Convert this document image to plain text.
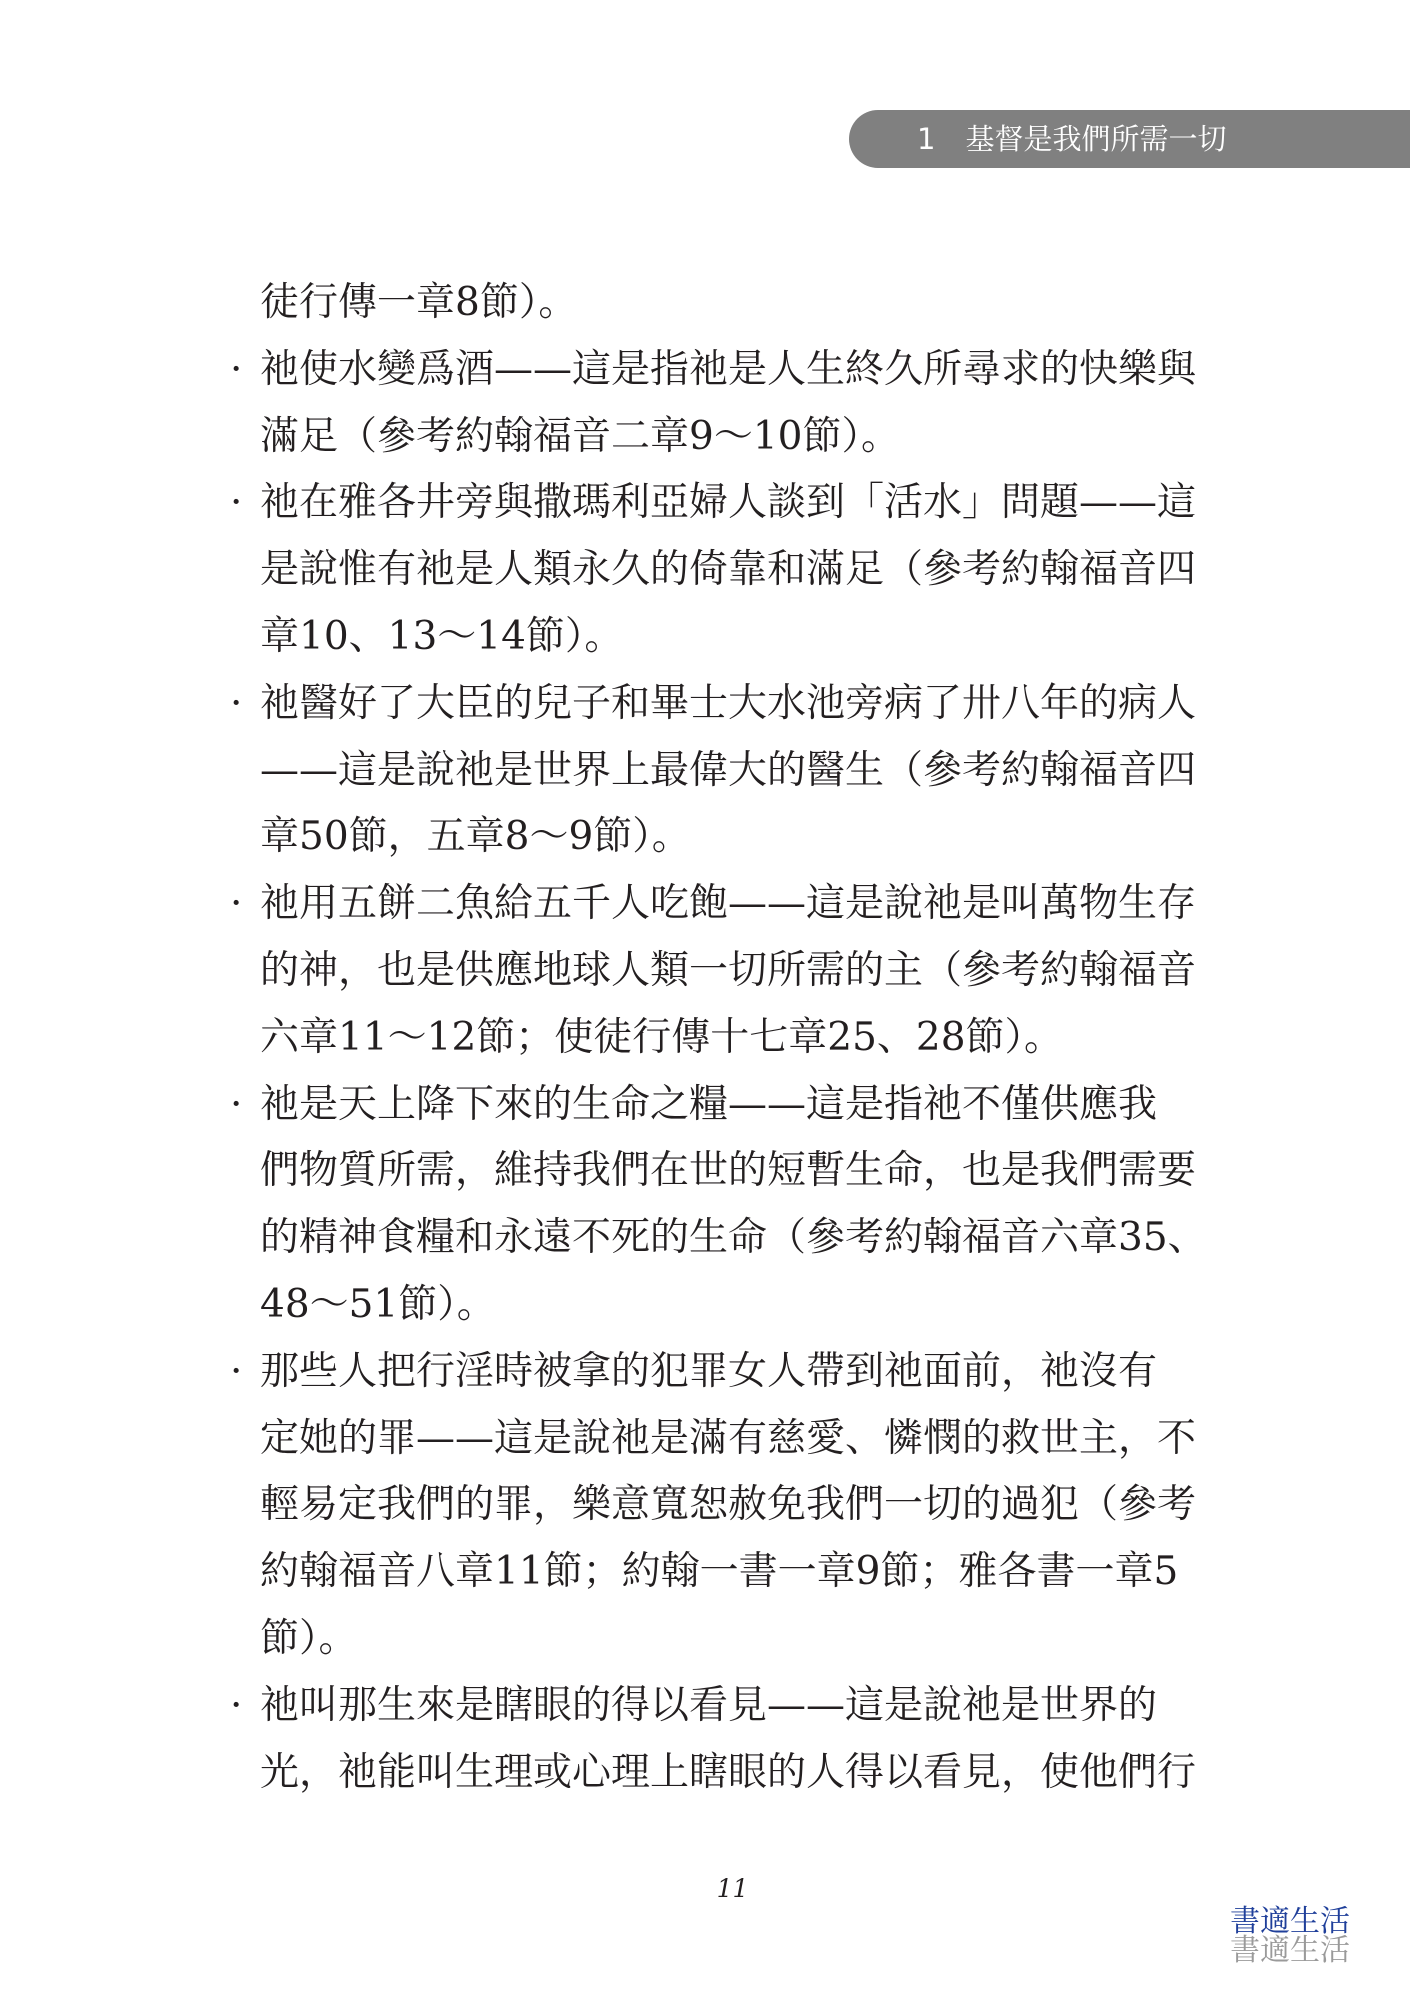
1 基督是我們所需一切
徒行傳一章8節）。
· 祂使水變爲酒——這是指祂是人生終久所尋求的快樂與
滿足（參考約翰福音二章9～10節）。
· 祂在雅各井旁與撒瑪利亞婦人談到「活水」問題——這
是說惟有祂是人類永久的倚靠和滿足（參考約翰福音四
章10、13～14節）。
· 祂醫好了大臣的兒子和畢士大水池旁病了卅八年的病人
——這是說祂是世界上最偉大的醫生（參考約翰福音四
章50節，五章8～9節）。
· 祂用五餅二魚給五千人吃飽——這是說祂是叫萬物生存
的神，也是供應地球人類一切所需的主（參考約翰福音
六章11～12節；使徒行傳十七章25、28節）。
· 祂是天上降下來的生命之糧——這是指祂不僅供應我
們物質所需，維持我們在世的短暫生命，也是我們需要
的精神食糧和永遠不死的生命（參考約翰福音六章35、
48～51節）。
· 那些人把行淫時被拿的犯罪女人帶到祂面前，祂沒有
定她的罪——這是說祂是滿有慈愛、憐憫的救世主，不
輕易定我們的罪，樂意寬恕赦免我們一切的過犯（參考
約翰福音八章11節；約翰一書一章9節；雅各書一章5
節）。
· 祂叫那生來是瞎眼的得以看見——這是說祂是世界的
光，祂能叫生理或心理上瞎眼的人得以看見，使他們行
11
書適生活
書適生活
